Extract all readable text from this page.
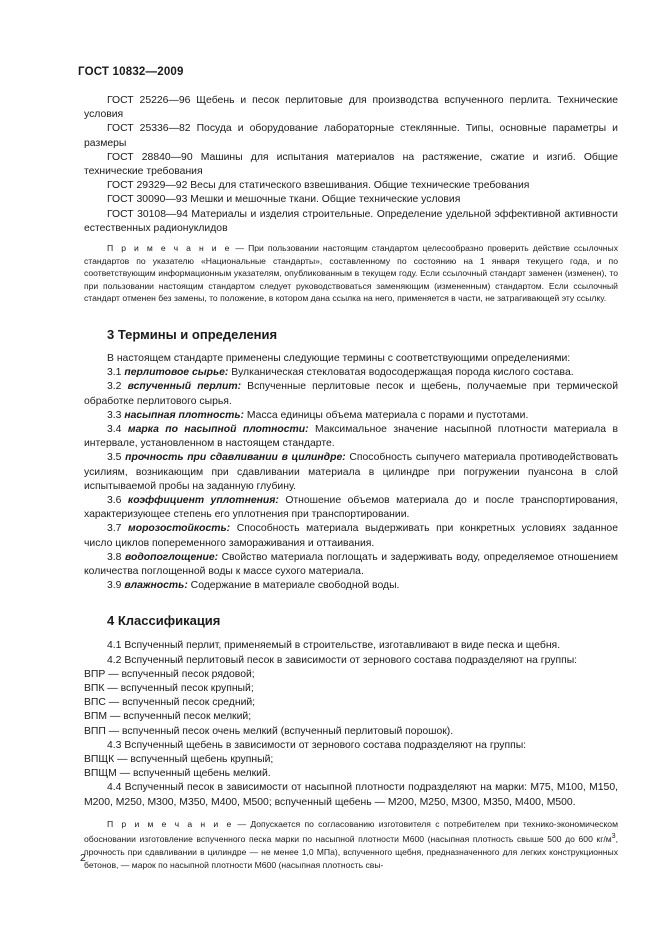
ГОСТ 10832—2009

ГОСТ 25226—96 Щебень и песок перлитовые для производства вспученного перлита. Технические условия

ГОСТ 25336—82 Посуда и оборудование лабораторные стеклянные. Типы, основные параметры и размеры

ГОСТ 28840—90 Машины для испытания материалов на растяжение, сжатие и изгиб. Общие технические требования

ГОСТ 29329—92 Весы для статического взвешивания. Общие технические требования

ГОСТ 30090—93 Мешки и мешочные ткани. Общие технические условия

ГОСТ 30108—94 Материалы и изделия строительные. Определение удельной эффективной активности естественных радионуклидов

П р и м е ч а н и е — При пользовании настоящим стандартом целесообразно проверить действие ссылочных стандартов по указателю «Национальные стандарты», составленному по состоянию на 1 января текущего года, и по соответствующим информационным указателям, опубликованным в текущем году. Если ссылочный стандарт заменен (изменен), то при пользовании настоящим стандартом следует руководствоваться заменяющим (измененным) стандартом. Если ссылочный стандарт отменен без замены, то положение, в котором дана ссылка на него, применяется в части, не затрагивающей эту ссылку.

3 Термины и определения

В настоящем стандарте применены следующие термины с соответствующими определениями:

3.1 перлитовое сырье: Вулканическая стекловатая водосодержащая порода кислого состава.

3.2 вспученный перлит: Вспученные перлитовые песок и щебень, получаемые при термической обработке перлитового сырья.

3.3 насыпная плотность: Масса единицы объема материала с порами и пустотами.

3.4 марка по насыпной плотности: Максимальное значение насыпной плотности материала в интервале, установленном в настоящем стандарте.

3.5 прочность при сдавливании в цилиндре: Способность сыпучего материала противодействовать усилиям, возникающим при сдавливании материала в цилиндре при погружении пуансона в слой испытываемой пробы на заданную глубину.

3.6 коэффициент уплотнения: Отношение объемов материала до и после транспортирования, характеризующее степень его уплотнения при транспортировании.

3.7 морозостойкость: Способность материала выдерживать при конкретных условиях заданное число циклов попеременного замораживания и оттаивания.

3.8 водопоглощение: Свойство материала поглощать и задерживать воду, определяемое отношением количества поглощенной воды к массе сухого материала.

3.9 влажность: Содержание в материале свободной воды.

4 Классификация

4.1 Вспученный перлит, применяемый в строительстве, изготавливают в виде песка и щебня.

4.2 Вспученный перлитовый песок в зависимости от зернового состава подразделяют на группы:

ВПР — вспученный песок рядовой;

ВПК — вспученный песок крупный;

ВПС — вспученный песок средний;

ВПМ — вспученный песок мелкий;

ВПП — вспученный песок очень мелкий (вспученный перлитовый порошок).

4.3 Вспученный щебень в зависимости от зернового состава подразделяют на группы:

ВПЩК — вспученный щебень крупный;

ВПЩМ — вспученный щебень мелкий.

4.4 Вспученный песок в зависимости от насыпной плотности подразделяют на марки: М75, М100, М150, М200, М250, М300, М350, М400, М500; вспученный щебень — М200, М250, М300, М350, М400, М500.

П р и м е ч а н и е — Допускается по согласованию изготовителя с потребителем при технико-экономическом обосновании изготовление вспученного песка марки по насыпной плотности М600 (насыпная плотность свыше 500 до 600 $кг/м^3$, прочность при сдавливании в цилиндре — не менее 1,0 МПа), вспученного щебня, предназначенного для легких конструкционных бетонов, — марок по насыпной плотности М600 (насыпная плотность свы-

2
